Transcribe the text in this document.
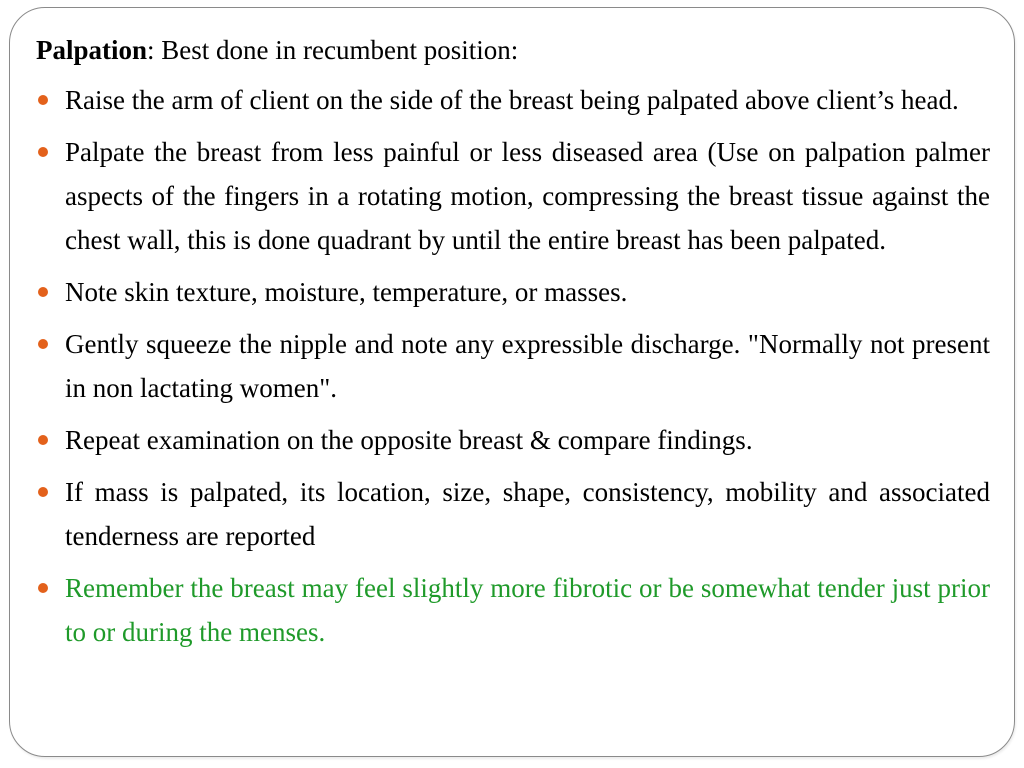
Palpation: Best done in recumbent position:

Raise the arm of client on the side of the breast being palpated above client’s head.
Palpate the breast from less painful or less diseased area (Use on palpation palmer aspects of the fingers in a rotating motion, compressing the breast tissue against the chest wall, this is done quadrant by until the entire breast has been palpated.
Note skin texture, moisture, temperature, or masses.
Gently squeeze the nipple and note any expressible discharge. "Normally not present in non lactating women".
Repeat examination on the opposite breast & compare findings.
If mass is palpated, its location, size, shape, consistency, mobility and associated tenderness are reported
Remember the breast may feel slightly more fibrotic or be somewhat tender just prior to or during the menses.
